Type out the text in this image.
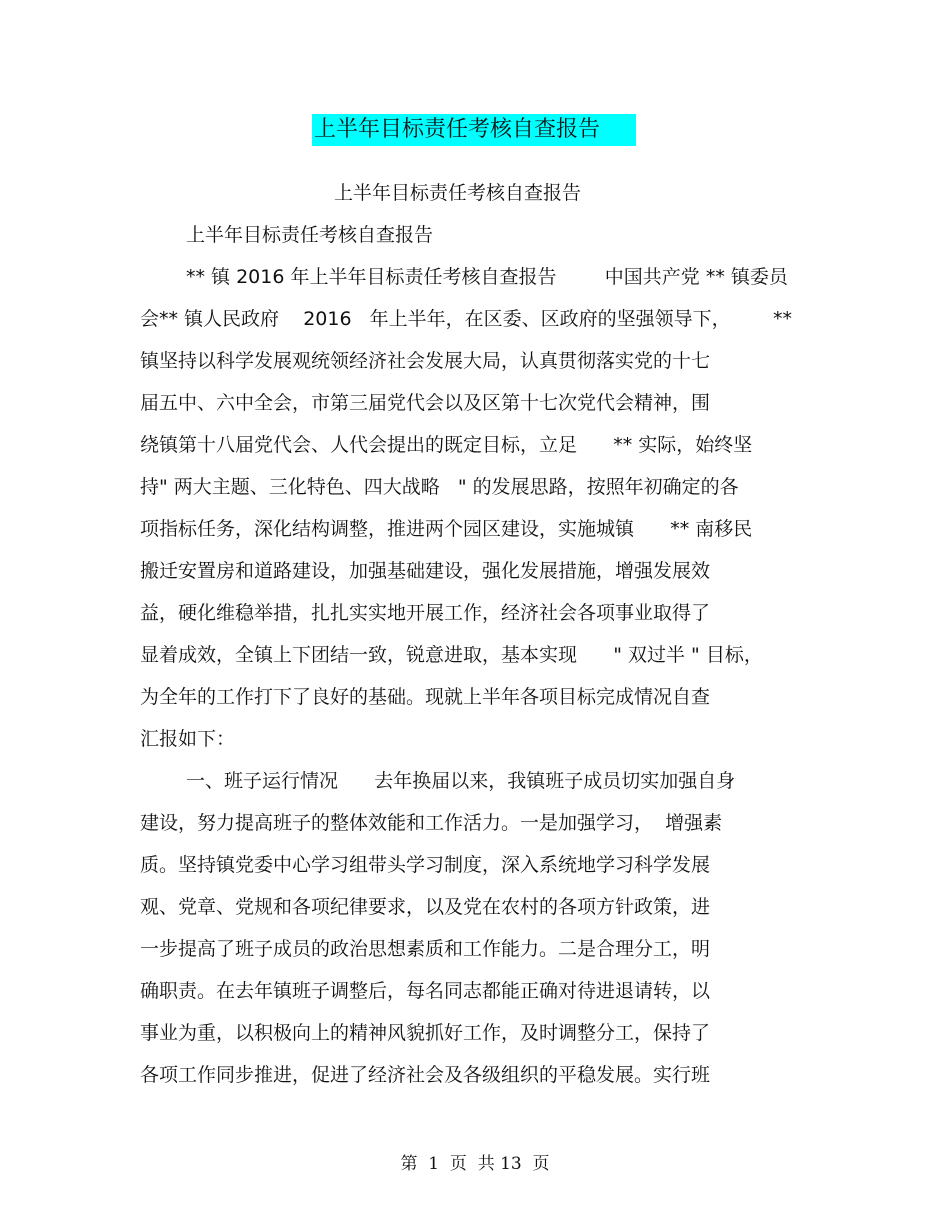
上半年目标责任考核自查报告
上半年目标责任考核自查报告
上半年目标责任考核自查报告
** 镇 2016 年上半年目标责任考核自查报告        中国共产党 ** 镇委员
会** 镇人民政府    2016   年上半年，在区委、区政府的坚强领导下，       **
镇坚持以科学发展观统领经济社会发展大局，认真贯彻落实党的十七
届五中、六中全会，市第三届党代会以及区第十七次党代会精神，围
绕镇第十八届党代会、人代会提出的既定目标，立足      ** 实际，始终坚
持" 两大主题、三化特色、四大战略   " 的发展思路，按照年初确定的各
项指标任务，深化结构调整，推进两个园区建设，实施城镇      ** 南移民
搬迁安置房和道路建设，加强基础建设，强化发展措施，增强发展效
益，硬化维稳举措，扎扎实实地开展工作，经济社会各项事业取得了
显着成效，全镇上下团结一致，锐意进取，基本实现      " 双过半 " 目标，
为全年的工作打下了良好的基础。现就上半年各项目标完成情况自查
汇报如下：
一、班子运行情况      去年换届以来，我镇班子成员切实加强自身
建设，努力提高班子的整体效能和工作活力。一是加强学习，  增强素
质。坚持镇党委中心学习组带头学习制度，深入系统地学习科学发展
观、党章、党规和各项纪律要求，以及党在农村的各项方针政策，进
一步提高了班子成员的政治思想素质和工作能力。二是合理分工，明
确职责。在去年镇班子调整后，每名同志都能正确对待进退请转，以
事业为重，以积极向上的精神风貌抓好工作，及时调整分工，保持了
各项工作同步推进，促进了经济社会及各级组织的平稳发展。实行班
第  1  页  共 13  页
